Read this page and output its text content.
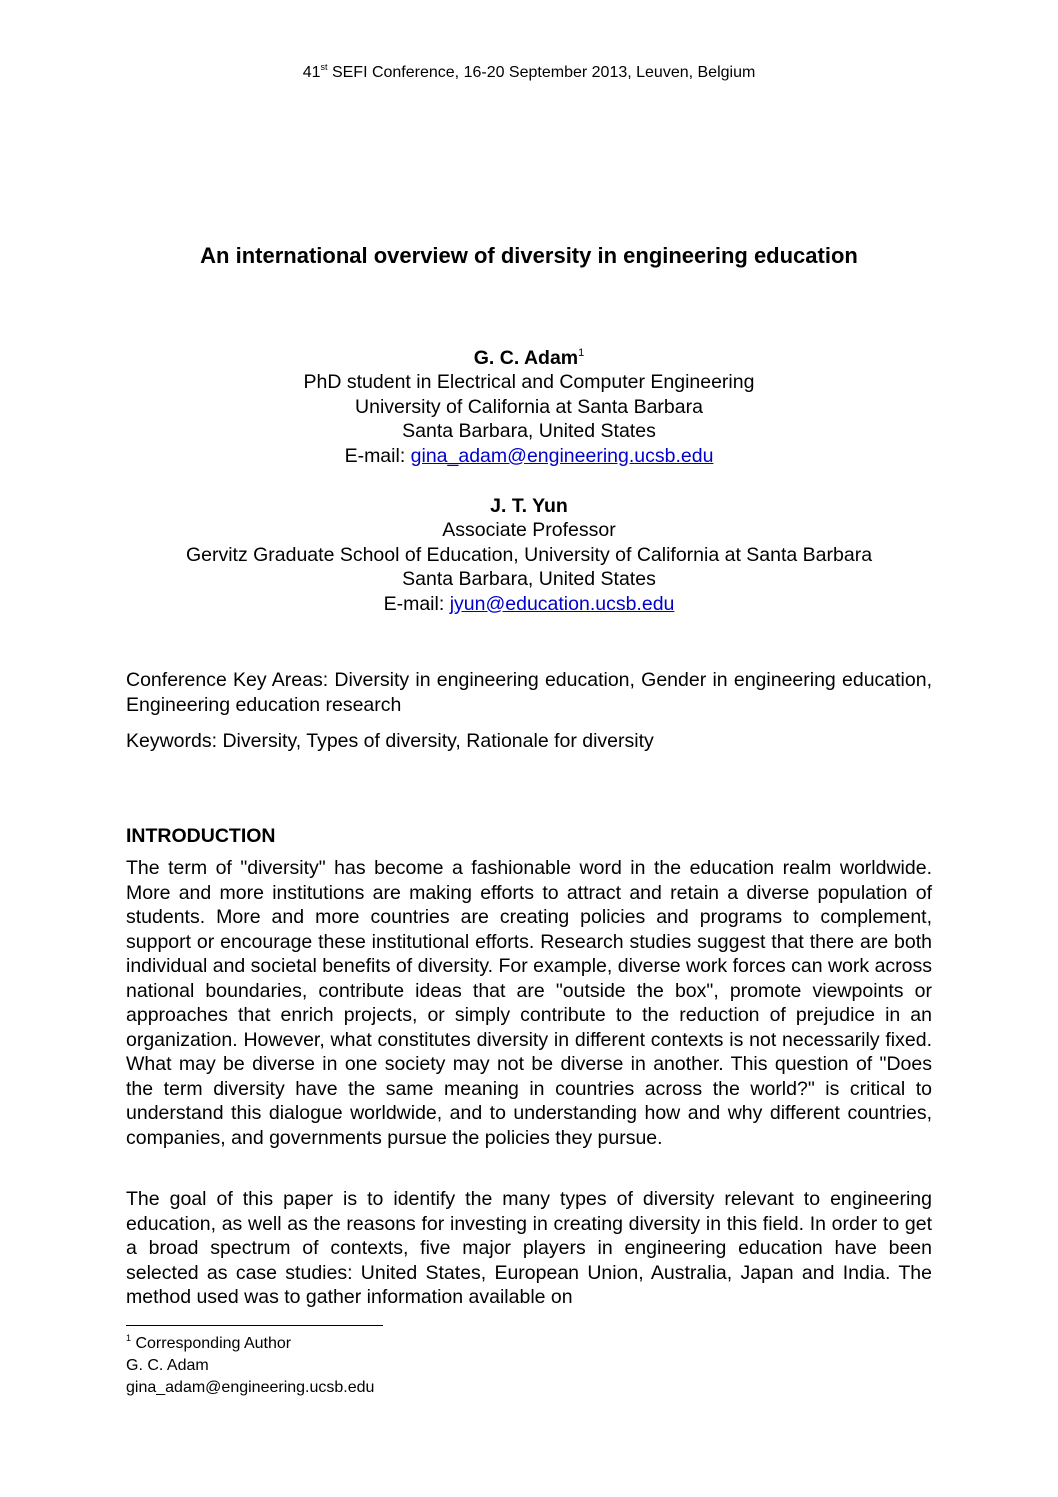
41st SEFI Conference, 16-20 September 2013, Leuven, Belgium
An international overview of diversity in engineering education
G. C. Adam$^1$
PhD student in Electrical and Computer Engineering
University of California at Santa Barbara
Santa Barbara, United States
E-mail: gina_adam@engineering.ucsb.edu
J. T. Yun
Associate Professor
Gervitz Graduate School of Education, University of California at Santa Barbara
Santa Barbara, United States
E-mail: jyun@education.ucsb.edu

Conference Key Areas: Diversity in engineering education, Gender in engineering education, Engineering education research

Keywords: Diversity, Types of diversity, Rationale for diversity

INTRODUCTION

The term of "diversity" has become a fashionable word in the education realm worldwide. More and more institutions are making efforts to attract and retain a diverse population of students. More and more countries are creating policies and programs to complement, support or encourage these institutional efforts. Research studies suggest that there are both individual and societal benefits of diversity. For example, diverse work forces can work across national boundaries, contribute ideas that are "outside the box", promote viewpoints or approaches that enrich projects, or simply contribute to the reduction of prejudice in an organization. However, what constitutes diversity in different contexts is not necessarily fixed. What may be diverse in one society may not be diverse in another. This question of "Does the term diversity have the same meaning in countries across the world?" is critical to understand this dialogue worldwide, and to understanding how and why different countries, companies, and governments pursue the policies they pursue.

The goal of this paper is to identify the many types of diversity relevant to engineering education, as well as the reasons for investing in creating diversity in this field. In order to get a broad spectrum of contexts, five major players in engineering education have been selected as case studies: United States, European Union, Australia, Japan and India. The method used was to gather information available on

$^1$ Corresponding Author
G. C. Adam
gina_adam@engineering.ucsb.edu
